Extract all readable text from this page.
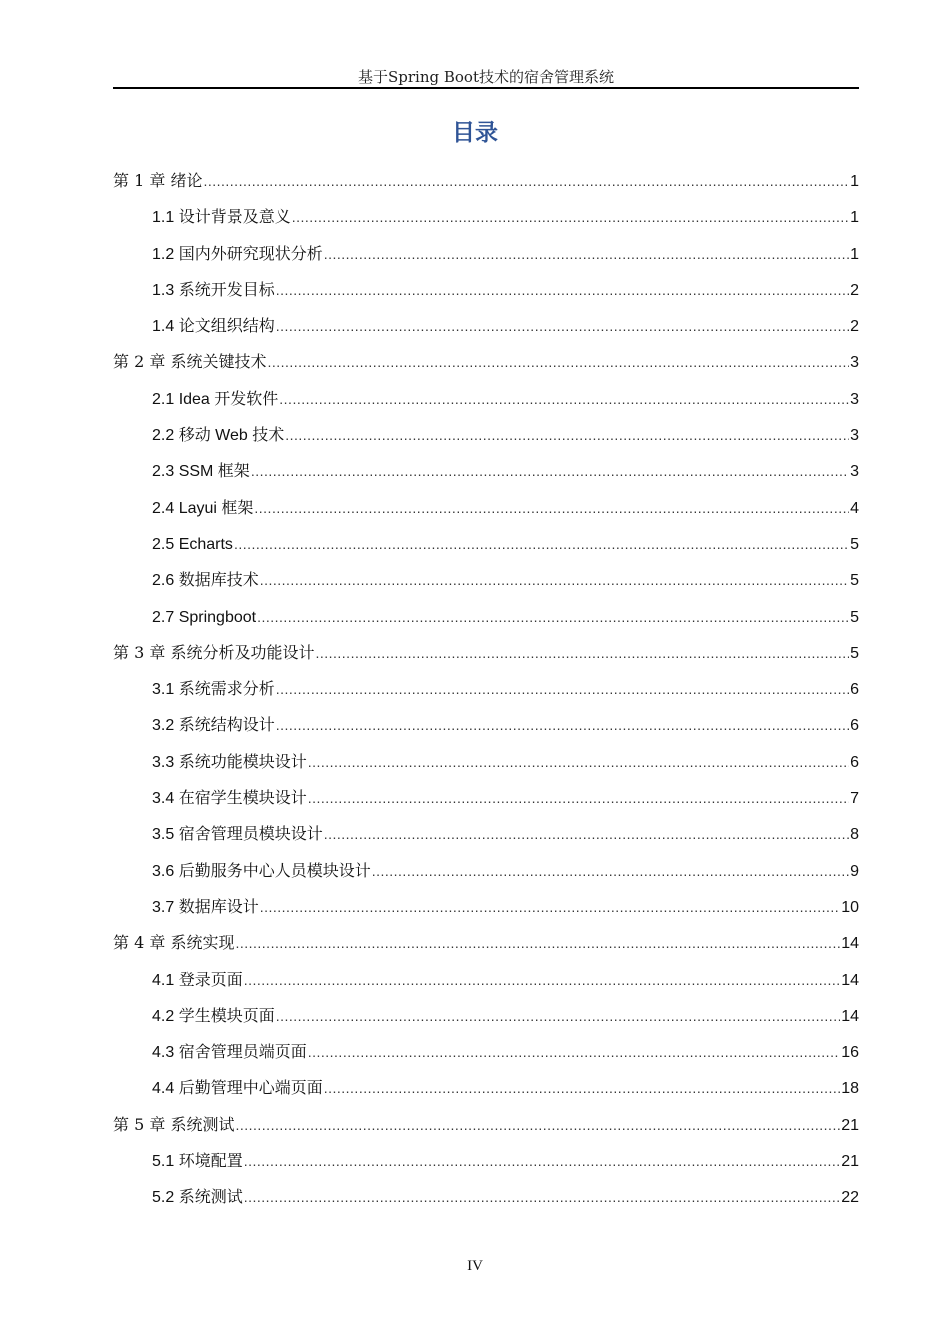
基于Spring Boot技术的宿舍管理系统
目录
第 1 章 绪论 .....	1
1.1 设计背景及意义 .....	1
1.2 国内外研究现状分析 .....	1
1.3 系统开发目标 .....	2
1.4 论文组织结构 .....	2
第 2 章 系统关键技术 .....	3
2.1 Idea 开发软件 .....	3
2.2 移动 Web 技术 .....	3
2.3 SSM 框架 .....	3
2.4 Layui 框架 .....	4
2.5 Echarts .....	5
2.6 数据库技术 .....	5
2.7 Springboot .....	5
第 3 章 系统分析及功能设计 .....	5
3.1 系统需求分析 .....	6
3.2 系统结构设计 .....	6
3.3 系统功能模块设计 .....	6
3.4 在宿学生模块设计 .....	7
3.5 宿舍管理员模块设计 .....	8
3.6 后勤服务中心人员模块设计 .....	9
3.7 数据库设计 .....	10
第 4 章 系统实现 .....	14
4.1 登录页面 .....	14
4.2 学生模块页面 .....	14
4.3 宿舍管理员端页面 .....	16
4.4 后勤管理中心端页面 .....	18
第 5 章 系统测试 .....	21
5.1 环境配置 .....	21
5.2 系统测试 .....	22
IV
